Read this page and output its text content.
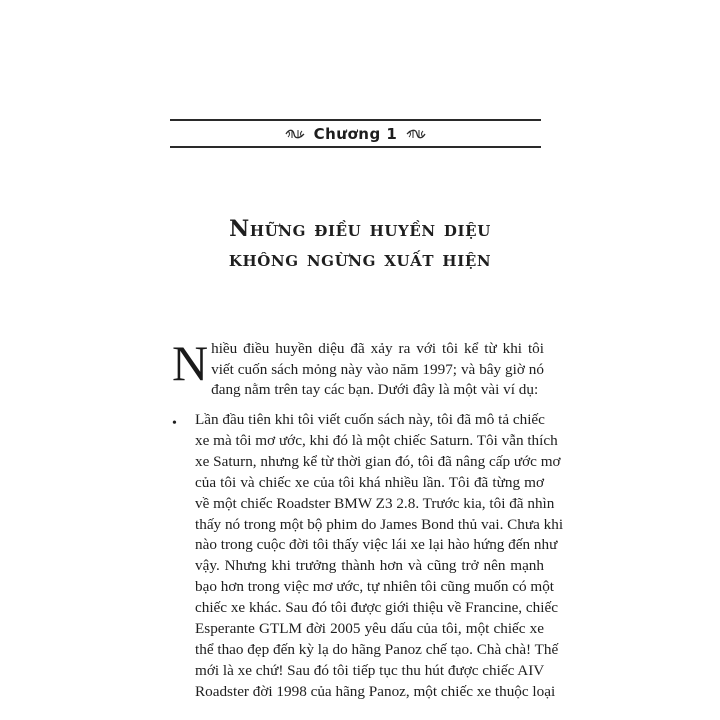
Chương 1
Những điều huyền diệu
không ngừng xuất hiện
N hiều điều huyền diệu đã xảy ra với tôi kể từ khi tôi viết cuốn sách mỏng này vào năm 1997; và bây giờ nó đang nằm trên tay các bạn. Dưới đây là một vài ví dụ:

• Lần đầu tiên khi tôi viết cuốn sách này, tôi đã mô tả chiếc
xe mà tôi mơ ước, khi đó là một chiếc Saturn. Tôi vẫn thích
xe Saturn, nhưng kể từ thời gian đó, tôi đã nâng cấp ước mơ
của tôi và chiếc xe của tôi khá nhiều lần. Tôi đã từng mơ
về một chiếc Roadster BMW Z3 2.8. Trước kia, tôi đã nhìn
thấy nó trong một bộ phim do James Bond thủ vai. Chưa khi
nào trong cuộc đời tôi thấy việc lái xe lại hào hứng đến như
vậy. Nhưng khi trưởng thành hơn và cũng trở nên mạnh
bạo hơn trong việc mơ ước, tự nhiên tôi cũng muốn có một
chiếc xe khác. Sau đó tôi được giới thiệu về Francine, chiếc
Esperante GTLM đời 2005 yêu dấu của tôi, một chiếc xe
thể thao đẹp đến kỳ lạ do hãng Panoz chế tạo. Chà chà! Thế
mới là xe chứ! Sau đó tôi tiếp tục thu hút được chiếc AIV
Roadster đời 1998 của hãng Panoz, một chiếc xe thuộc loại
